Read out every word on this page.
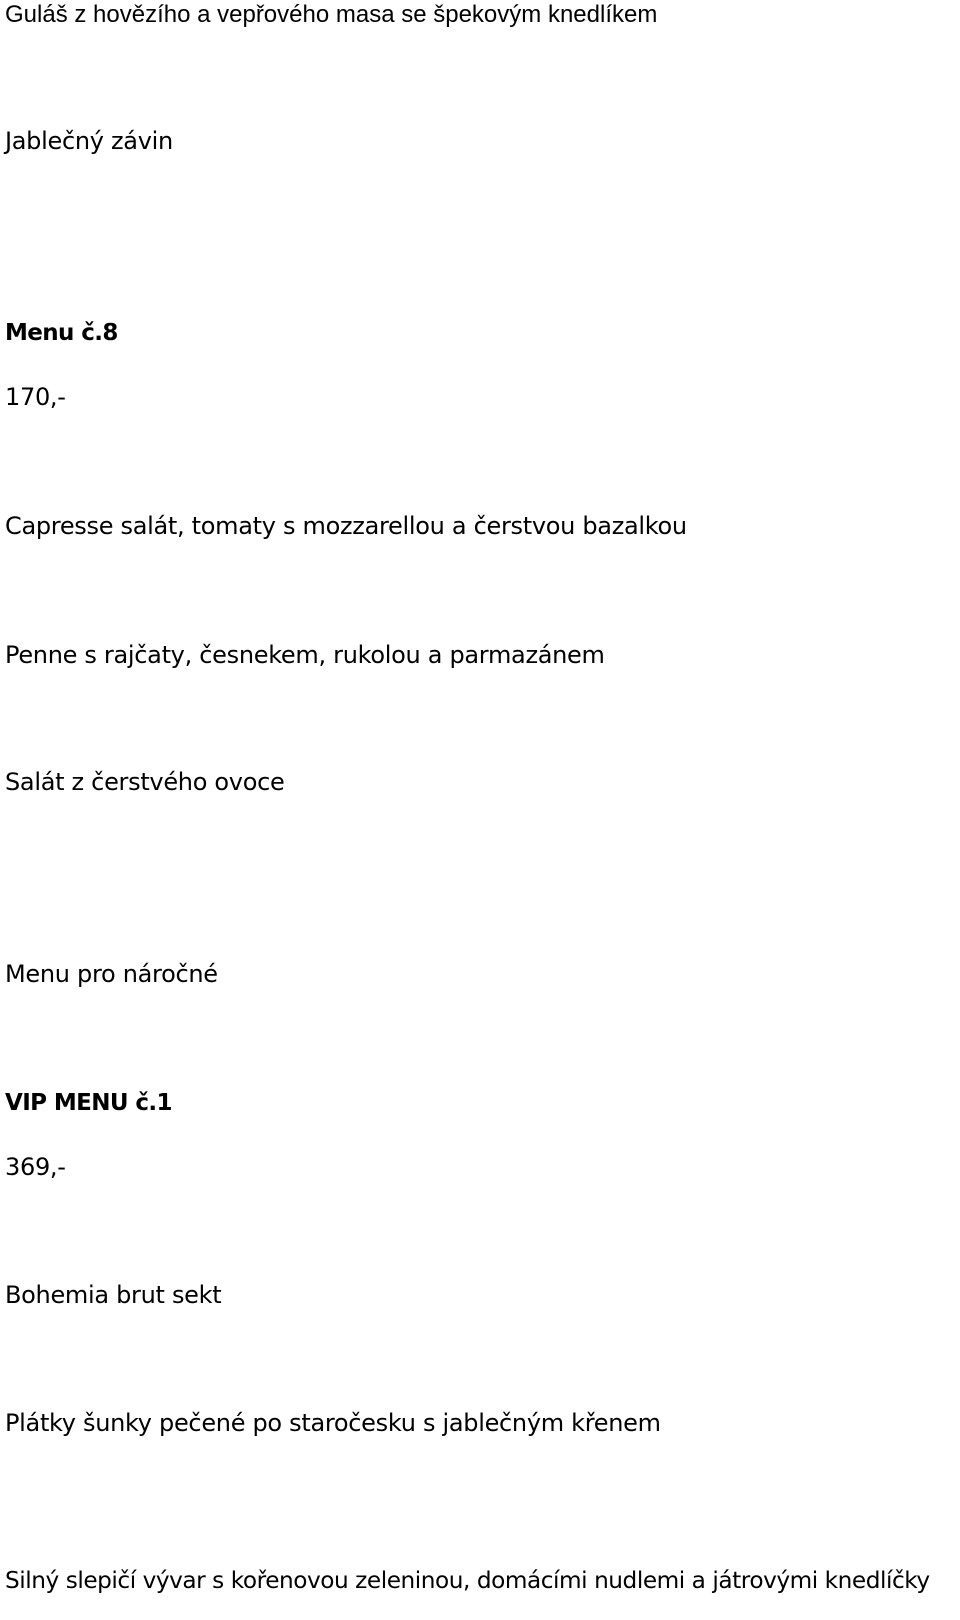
Guláš z hovězího a vepřového masa se špekovým knedlíkem
Jablečný závin
Menu č.8
170,-
Capresse salát, tomaty s mozzarellou a čerstvou bazalkou
Penne s rajčaty, česnekem, rukolou a parmazánem
Salát z čerstvého ovoce
Menu pro náročné
VIP MENU č.1
369,-
Bohemia brut sekt
Plátky šunky pečené po staročesku s jablečným křenem
Silný slepičí vývar s kořenovou zeleninou, domácími nudlemi a játrovými knedlíčky
